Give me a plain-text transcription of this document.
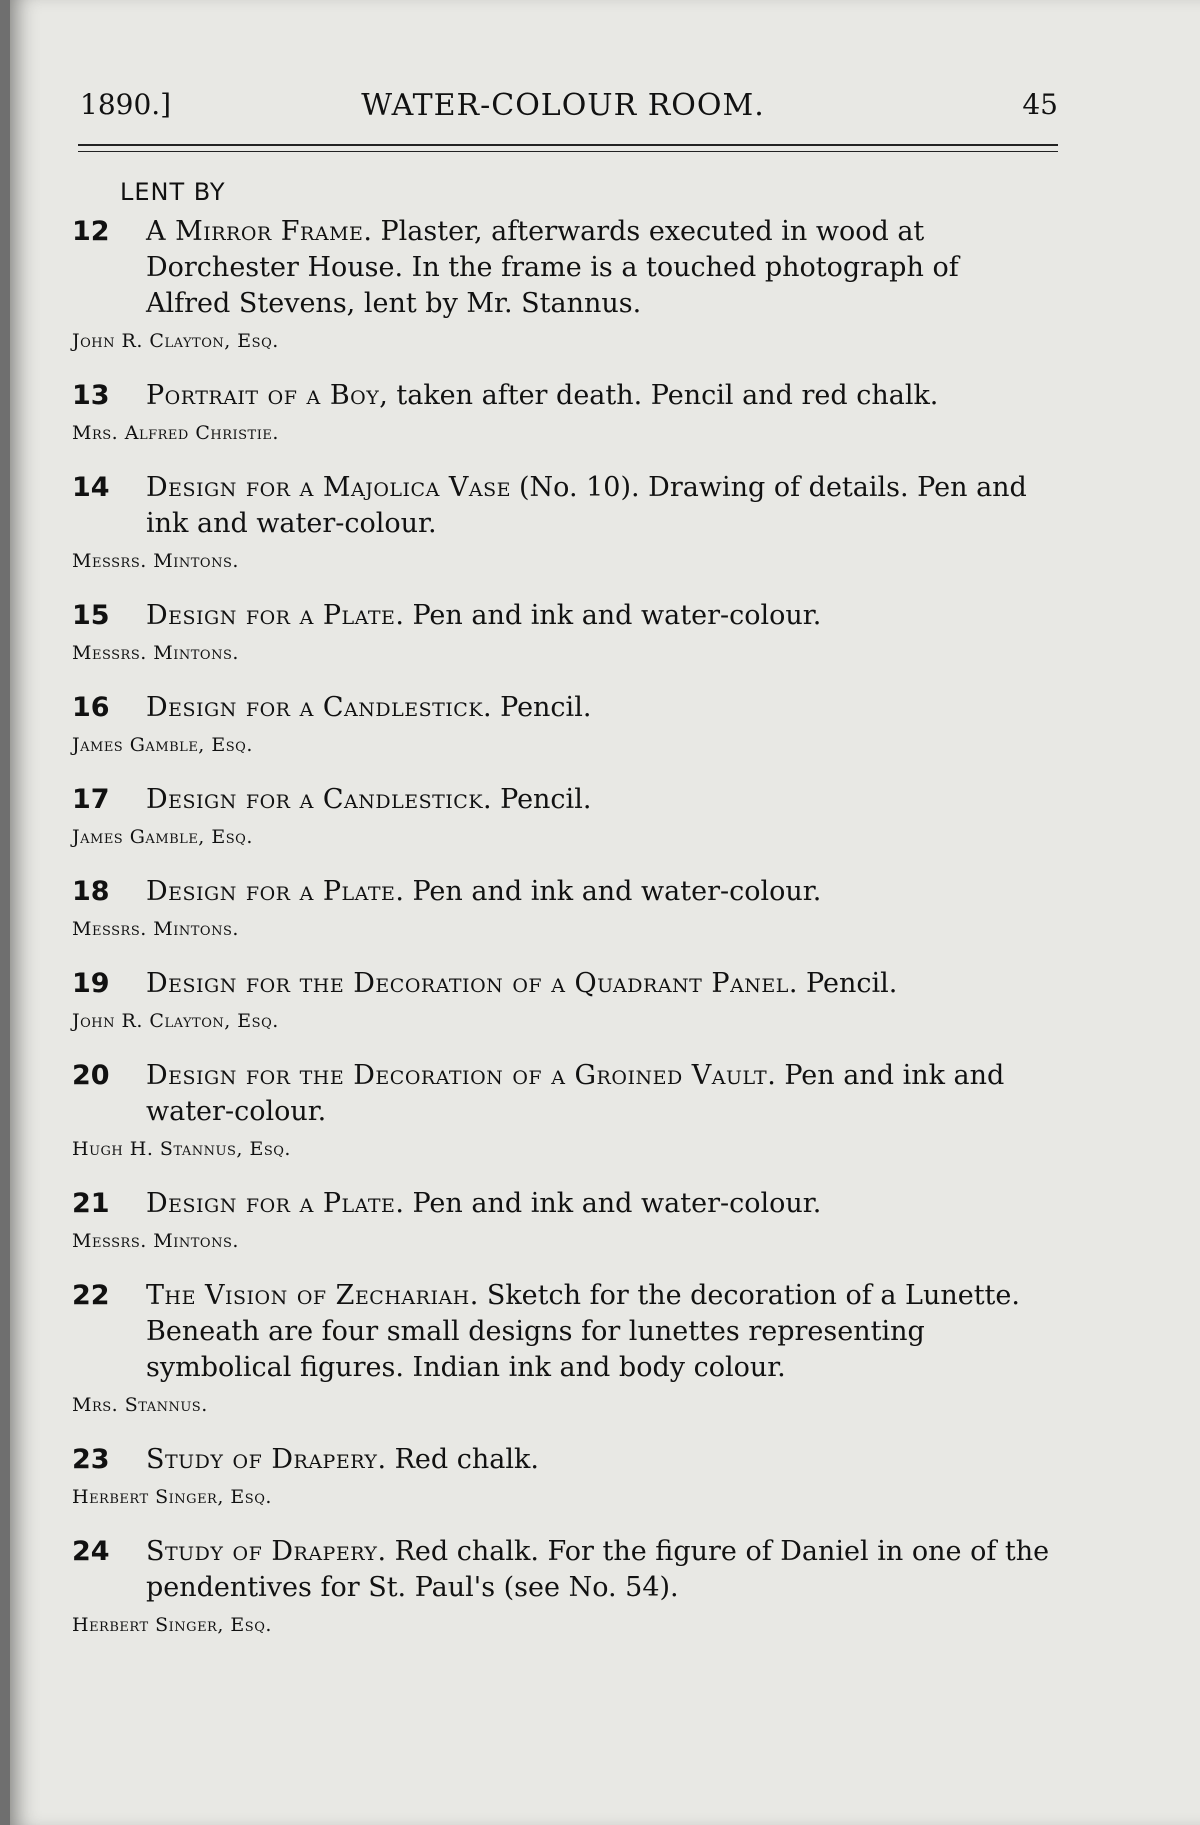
1890.]	WATER-COLOUR ROOM.	45
LENT BY
12 A Mirror Frame. Plaster, afterwards executed in wood at Dorchester House. In the frame is a touched photograph of Alfred Stevens, lent by Mr. Stannus.
John R. Clayton, Esq.
13 Portrait of a Boy, taken after death. Pencil and red chalk.
Mrs. Alfred Christie.
14 Design for a Majolica Vase (No. 10). Drawing of details. Pen and ink and water-colour.
Messrs. Mintons.
15 Design for a Plate. Pen and ink and water-colour.
Messrs. Mintons.
16 Design for a Candlestick. Pencil.
James Gamble, Esq.
17 Design for a Candlestick. Pencil.
James Gamble, Esq.
18 Design for a Plate. Pen and ink and water-colour.
Messrs. Mintons.
19 Design for the Decoration of a Quadrant Panel. Pencil.
John R. Clayton, Esq.
20 Design for the Decoration of a Groined Vault. Pen and ink and water-colour.
Hugh H. Stannus, Esq.
21 Design for a Plate. Pen and ink and water-colour.
Messrs. Mintons.
22 The Vision of Zechariah. Sketch for the decoration of a Lunette. Beneath are four small designs for lunettes representing symbolical figures. Indian ink and body colour.
Mrs. Stannus.
23 Study of Drapery. Red chalk.
Herbert Singer, Esq.
24 Study of Drapery. Red chalk. For the figure of Daniel in one of the pendentives for St. Paul's (see No. 54).
Herbert Singer, Esq.
